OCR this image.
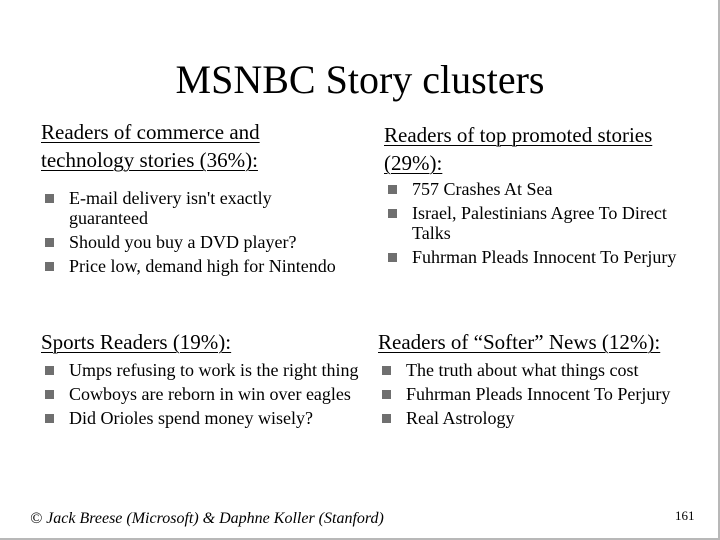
MSNBC Story clusters
Readers of commerce and technology stories (36%):
E-mail delivery isn't exactly guaranteed
Should you buy a DVD player?
Price low, demand high for Nintendo
Readers of top promoted stories (29%):
757 Crashes At Sea
Israel, Palestinians Agree To Direct Talks
Fuhrman Pleads Innocent To Perjury
Sports Readers (19%):
Umps refusing to work is the right thing
Cowboys are reborn in win over eagles
Did Orioles spend money wisely?
Readers of “Softer” News (12%):
The truth about what things cost
Fuhrman Pleads Innocent To Perjury
Real Astrology
© Jack Breese (Microsoft) & Daphne Koller (Stanford)	161
